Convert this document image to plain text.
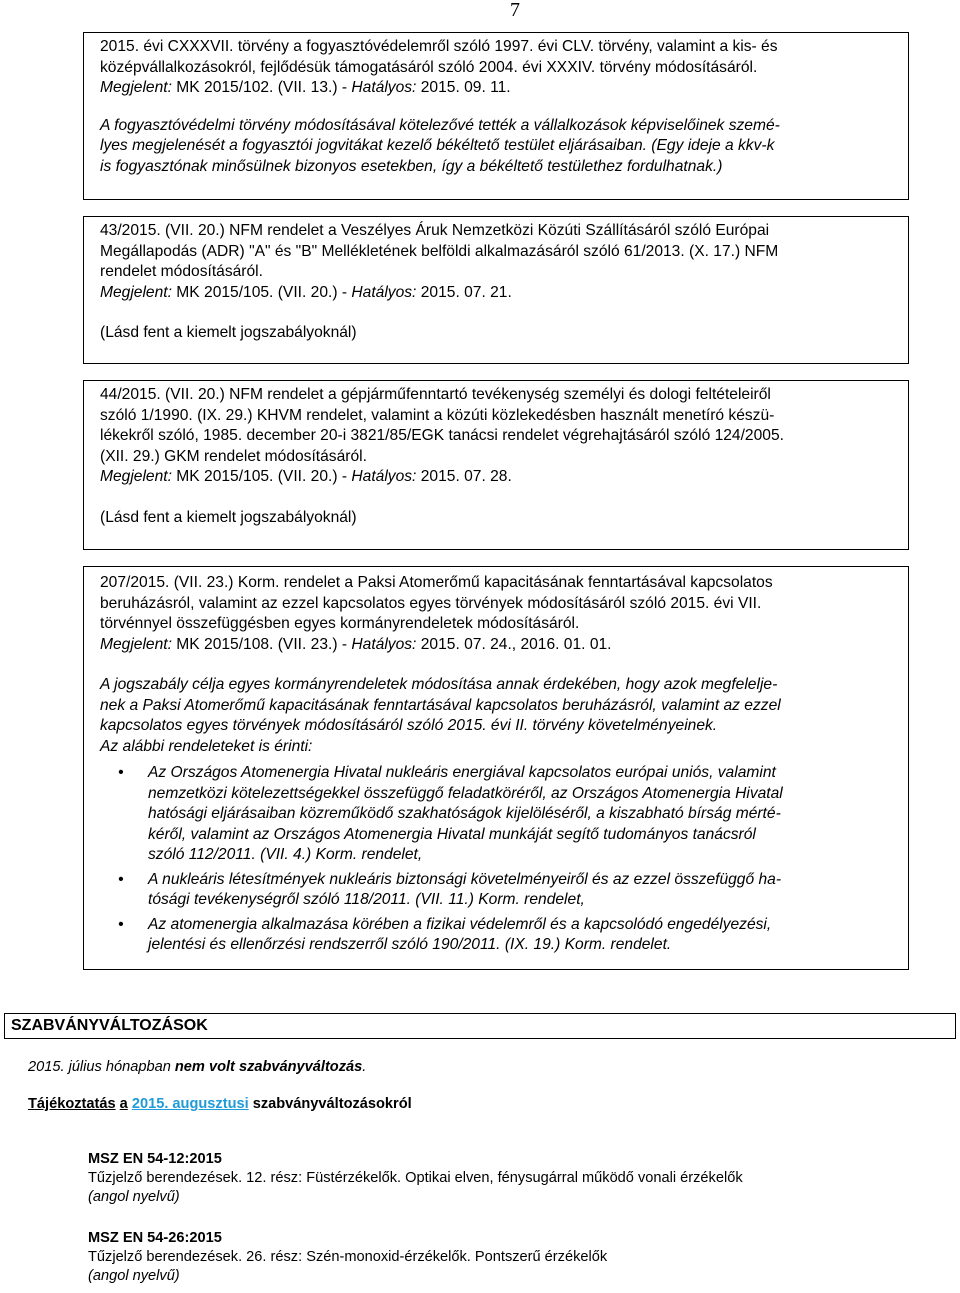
7

2015. évi CXXXVII. törvény a fogyasztóvédelemről szóló 1997. évi CLV. törvény, valamint a kis- és

középvállalkozásokról, fejlődésük támogatásáról szóló 2004. évi XXXIV. törvény módosításáról.

Megjelent: MK 2015/102. (VII. 13.) - Hatályos: 2015. 09. 11.

A fogyasztóvédelmi törvény módosításával kötelezővé tették a vállalkozások képviselőinek szemé-

lyes megjelenését a fogyasztói jogvitákat kezelő békéltető testület eljárásaiban. (Egy ideje a kkv-k

is fogyasztónak minősülnek bizonyos esetekben, így a békéltető testülethez fordulhatnak.)

43/2015. (VII. 20.) NFM rendelet a Veszélyes Áruk Nemzetközi Közúti Szállításáról szóló Európai

Megállapodás (ADR) "A" és "B" Mellékletének belföldi alkalmazásáról szóló 61/2013. (X. 17.) NFM

rendelet módosításáról.

Megjelent: MK 2015/105. (VII. 20.) - Hatályos: 2015. 07. 21.

(Lásd fent a kiemelt jogszabályoknál)

44/2015. (VII. 20.) NFM rendelet a gépjárműfenntartó tevékenység személyi és dologi feltételeiről

szóló 1/1990. (IX. 29.) KHVM rendelet, valamint a közúti közlekedésben használt menetíró készü-

lékekről szóló, 1985. december 20-i 3821/85/EGK tanácsi rendelet végrehajtásáról szóló 124/2005.

(XII. 29.) GKM rendelet módosításáról.

Megjelent: MK 2015/105. (VII. 20.) - Hatályos: 2015. 07. 28.

(Lásd fent a kiemelt jogszabályoknál)

207/2015. (VII. 23.) Korm. rendelet a Paksi Atomerőmű kapacitásának fenntartásával kapcsolatos

beruházásról, valamint az ezzel kapcsolatos egyes törvények módosításáról szóló 2015. évi VII.

törvénnyel összefüggésben egyes kormányrendeletek módosításáról.

Megjelent: MK 2015/108. (VII. 23.) - Hatályos: 2015. 07. 24., 2016. 01. 01.

A jogszabály célja egyes kormányrendeletek módosítása annak érdekében, hogy azok megfelelje-

nek a Paksi Atomerőmű kapacitásának fenntartásával kapcsolatos beruházásról, valamint az ezzel

kapcsolatos egyes törvények módosításáról szóló 2015. évi II. törvény követelményeinek.

Az alábbi rendeleteket is érinti:

• Az Országos Atomenergia Hivatal nukleáris energiával kapcsolatos európai uniós, valamint
nemzetközi kötelezettségekkel összefüggő feladatköréről, az Országos Atomenergia Hivatal
hatósági eljárásaiban közreműködő szakhatóságok kijelöléséről, a kiszabható bírság mérté-
kéről, valamint az Országos Atomenergia Hivatal munkáját segítő tudományos tanácsról
szóló 112/2011. (VII. 4.) Korm. rendelet,
• A nukleáris létesítmények nukleáris biztonsági követelményeiről és az ezzel összefüggő ha-
tósági tevékenységről szóló 118/2011. (VII. 11.) Korm. rendelet,
• Az atomenergia alkalmazása körében a fizikai védelemről és a kapcsolódó engedélyezési,
jelentési és ellenőrzési rendszerről szóló 190/2011. (IX. 19.) Korm. rendelet.
SZABVÁNYVÁLTOZÁSOK
2015. július hónapban nem volt szabványváltozás.
Tájékoztatás a 2015. augusztusi szabványváltozásokról

MSZ EN 54-12:2015

Tűzjelző berendezések. 12. rész: Füstérzékelők. Optikai elven, fénysugárral működő vonali érzékelők

(angol nyelvű)

MSZ EN 54-26:2015

Tűzjelző berendezések. 26. rész: Szén-monoxid-érzékelők. Pontszerű érzékelők

(angol nyelvű)
